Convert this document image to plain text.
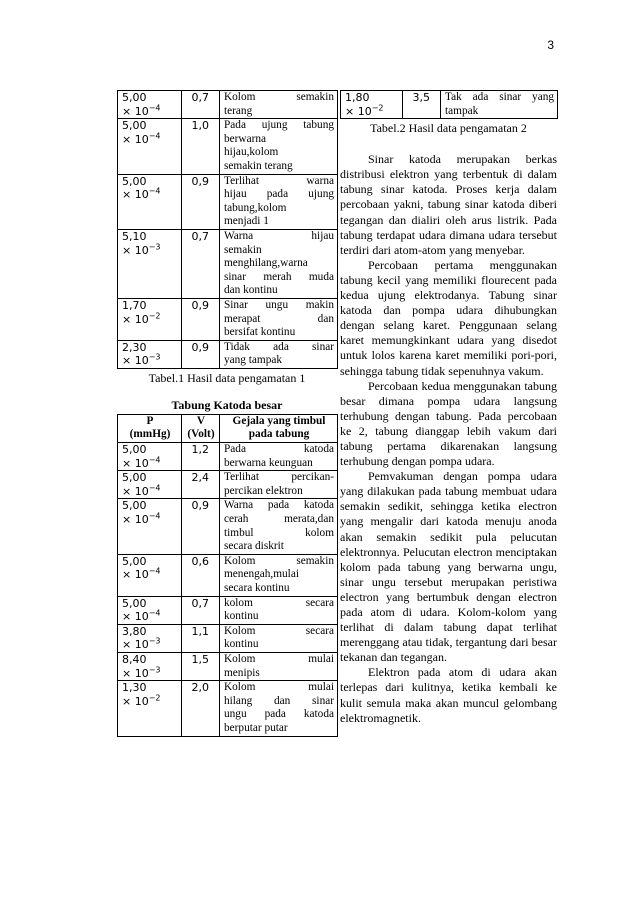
3
5,00
× $10^{-4}$	0,7	Kolom semakin
terang

5,00
× $10^{-4}$	1,0	Pada ujung tabung
berwarna
hijau,kolom
semakin terang

5,00
× $10^{-4}$	0,9	Terlihat warna
hijau pada ujung
tabung,kolom
menjadi 1

5,10
× $10^{-3}$	0,7	Warna hijau
semakin
menghilang,warna
sinar merah muda
dan kontinu

1,70
× $10^{-2}$	0,9	Sinar ungu makin
merapat dan
bersifat kontinu

2,30
× $10^{-3}$	0,9	Tidak ada sinar
yang tampak
Tabel.1 Hasil data pengamatan 1
Tabung Katoda besar
P
(mmHg)	V
(Volt)	Gejala yang timbul pada tabung
5,00
× $10^{-4}$	1,2	Pada katoda
berwarna keunguan

5,00
× $10^{-4}$	2,4	Terlihat percikan-
percikan elektron

5,00
× $10^{-4}$	0,9	Warna pada katoda
cerah merata,dan
timbul kolom
secara diskrit

5,00
× $10^{-4}$	0,6	Kolom semakin
menengah,mulai
secara kontinu

5,00
× $10^{-4}$	0,7	kolom secara
kontinu

3,80
× $10^{-3}$	1,1	Kolom secara
kontinu

8,40
× $10^{-3}$	1,5	Kolom mulai
menipis

1,30
× $10^{-2}$	2,0	Kolom mulai
hilang dan sinar
ungu pada katoda
berputar putar
1,80
× $10^{-2}$	3,5	Tak ada sinar yang
tampak
Tabel.2 Hasil data pengamatan 2

Sinar katoda merupakan berkas distribusi elektron yang terbentuk di dalam tabung sinar katoda. Proses kerja dalam percobaan yakni, tabung sinar katoda diberi tegangan dan dialiri oleh arus listrik. Pada tabung terdapat udara dimana udara tersebut terdiri dari atom-atom yang menyebar.

Percobaan pertama menggunakan tabung kecil yang memiliki flourecent pada kedua ujung elektrodanya. Tabung sinar katoda dan pompa udara dihubungkan dengan selang karet. Penggunaan selang karet memungkinkant udara yang disedot untuk lolos karena karet memiliki pori-pori, sehingga tabung tidak sepenuhnya vakum.

Percobaan kedua menggunakan tabung besar dimana pompa udara langsung terhubung dengan tabung. Pada percobaan ke 2, tabung dianggap lebih vakum dari tabung pertama dikarenakan langsung terhubung dengan pompa udara.

Pemvakuman dengan pompa udara yang dilakukan pada tabung membuat udara semakin sedikit, sehingga ketika electron yang mengalir dari katoda menuju anoda akan semakin sedikit pula pelucutan elektronnya. Pelucutan electron menciptakan kolom pada tabung yang berwarna ungu, sinar ungu tersebut merupakan peristiwa electron yang bertumbuk dengan electron pada atom di udara. Kolom-kolom yang terlihat di dalam tabung dapat terlihat merenggang atau tidak, tergantung dari besar tekanan dan tegangan.

Elektron pada atom di udara akan terlepas dari kulitnya, ketika kembali ke kulit semula maka akan muncul gelombang elektromagnetik.
